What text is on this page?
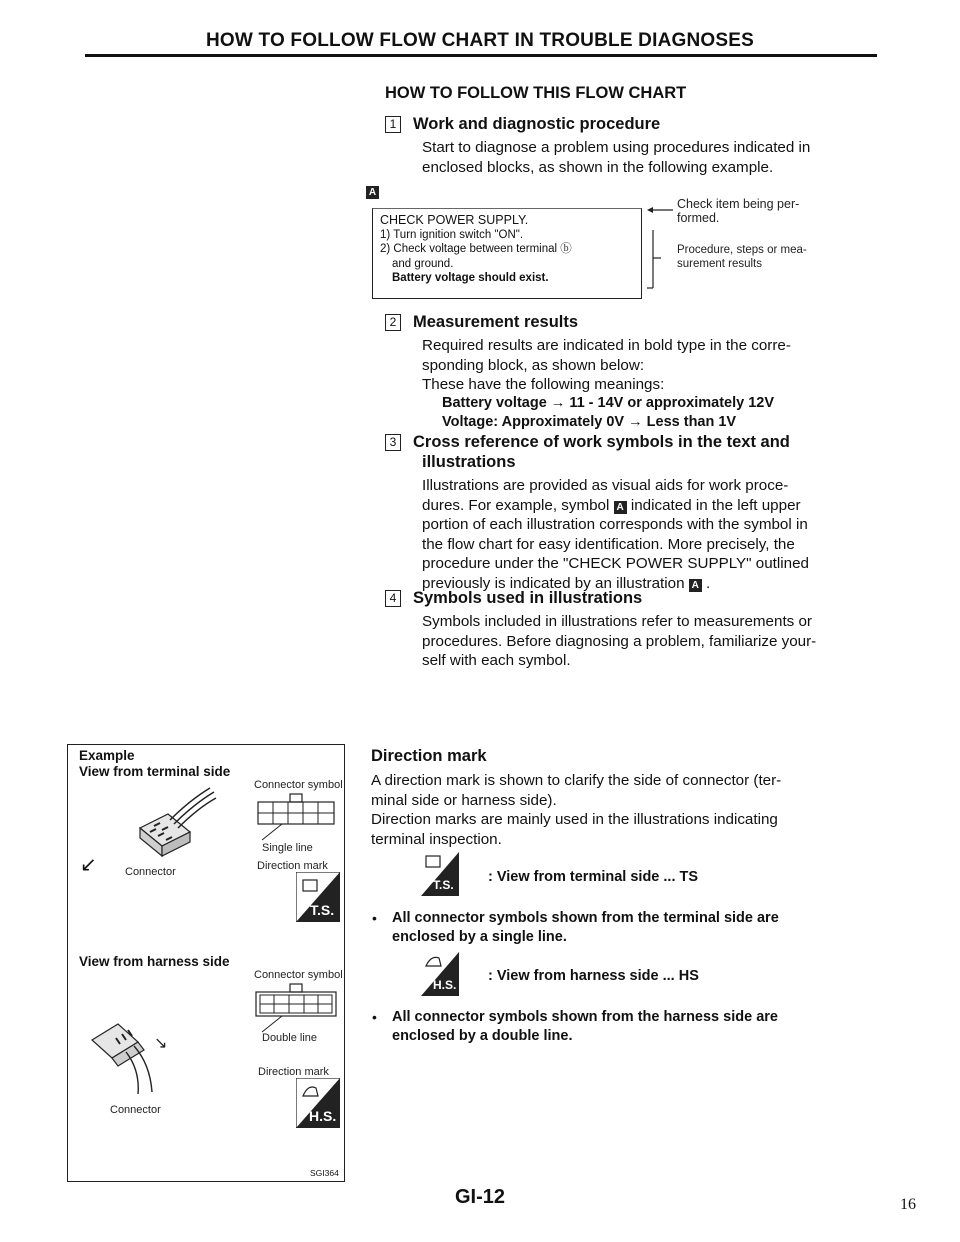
HOW TO FOLLOW FLOW CHART IN TROUBLE DIAGNOSES
HOW TO FOLLOW THIS FLOW CHART
1 Work and diagnostic procedure
Start to diagnose a problem using procedures indicated in
enclosed blocks, as shown in the following example.
A
CHECK POWER SUPPLY.
1) Turn ignition switch "ON".
2) Check voltage between terminal ⓑ
and ground.
Battery voltage should exist.
Check item being per-
formed.
Procedure, steps or mea-
surement results
2 Measurement results
Required results are indicated in bold type in the corre-
sponding block, as shown below:
These have the following meanings:
Battery voltage → 11 - 14V or approximately 12V
Voltage: Approximately 0V → Less than 1V
3 Cross reference of work symbols in the text and
illustrations
Illustrations are provided as visual aids for work proce-
dures. For example, symbol A indicated in the left upper
portion of each illustration corresponds with the symbol in
the flow chart for easy identification. More precisely, the
procedure under the "CHECK POWER SUPPLY" outlined
previously is indicated by an illustration A .
4 Symbols used in illustrations
Symbols included in illustrations refer to measurements or
procedures. Before diagnosing a problem, familiarize your-
self with each symbol.
Example
View from terminal side
Connector symbol
Single line
Direction mark
Connector
↙
T.S.
View from harness side
Connector symbol
Double line
↘
Direction mark
Connector	H.S.
SGI364
Direction mark
A direction mark is shown to clarify the side of connector (ter-
minal side or harness side).
Direction marks are mainly used in the illustrations indicating
terminal inspection.
T.S. : View from terminal side ... TS
• All connector symbols shown from the terminal side are
enclosed by a single line.
H.S.
: View from harness side ... HS
• All connector symbols shown from the harness side are
enclosed by a double line.
GI-12	16
